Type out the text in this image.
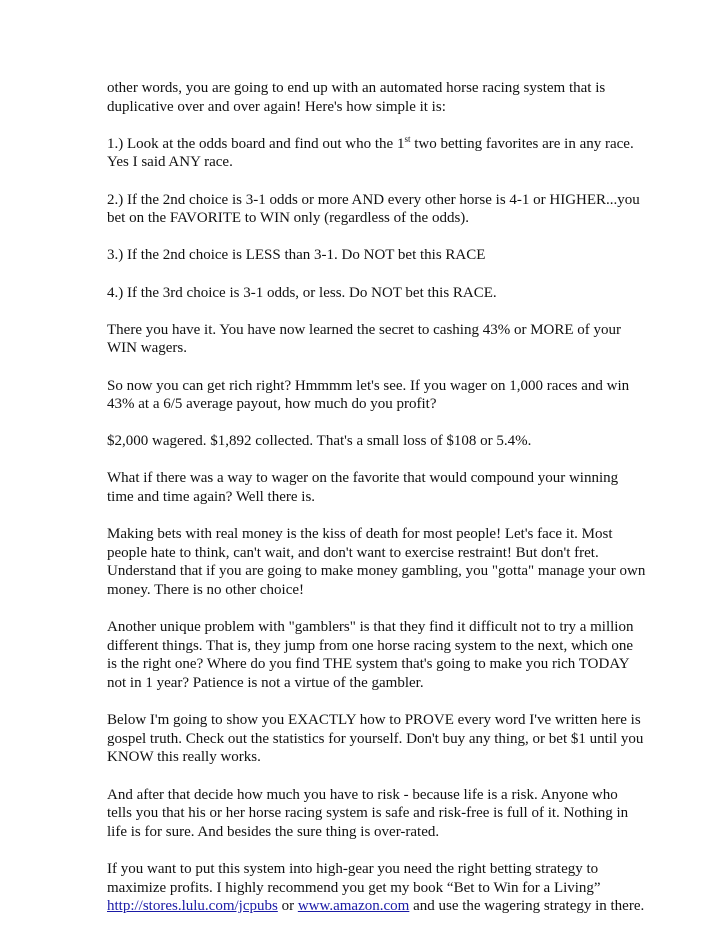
other words, you are going to end up with an automated horse racing system that is
duplicative over and over again! Here's how simple it is:
1.) Look at the odds board and find out who the 1st two betting favorites are in any race.
Yes I said ANY race.
2.) If the 2nd choice is 3-1 odds or more AND every other horse is 4-1 or HIGHER...you
bet on the FAVORITE to WIN only (regardless of the odds).
3.) If the 2nd choice is LESS than 3-1. Do NOT bet this RACE
4.) If the 3rd choice is 3-1 odds, or less. Do NOT bet this RACE.
There you have it. You have now learned the secret to cashing 43% or MORE of your
WIN wagers.
So now you can get rich right? Hmmmm let's see. If you wager on 1,000 races and win
43% at a 6/5 average payout, how much do you profit?
$2,000 wagered. $1,892 collected. That's a small loss of $108 or 5.4%.
What if there was a way to wager on the favorite that would compound your winning
time and time again? Well there is.
Making bets with real money is the kiss of death for most people! Let's face it. Most
people hate to think, can't wait, and don't want to exercise restraint! But don't fret.
Understand that if you are going to make money gambling, you "gotta" manage your own
money. There is no other choice!
Another unique problem with "gamblers" is that they find it difficult not to try a million
different things. That is, they jump from one horse racing system to the next, which one
is the right one? Where do you find THE system that's going to make you rich TODAY
not in 1 year? Patience is not a virtue of the gambler.
Below I'm going to show you EXACTLY how to PROVE every word I've written here is
gospel truth. Check out the statistics for yourself. Don't buy any thing, or bet $1 until you
KNOW this really works.
And after that decide how much you have to risk - because life is a risk. Anyone who
tells you that his or her horse racing system is safe and risk-free is full of it. Nothing in
life is for sure. And besides the sure thing is over-rated.
If you want to put this system into high-gear you need the right betting strategy to
maximize profits. I highly recommend you get my book “Bet to Win for a Living”
http://stores.lulu.com/jcpubs or www.amazon.com and use the wagering strategy in there.
